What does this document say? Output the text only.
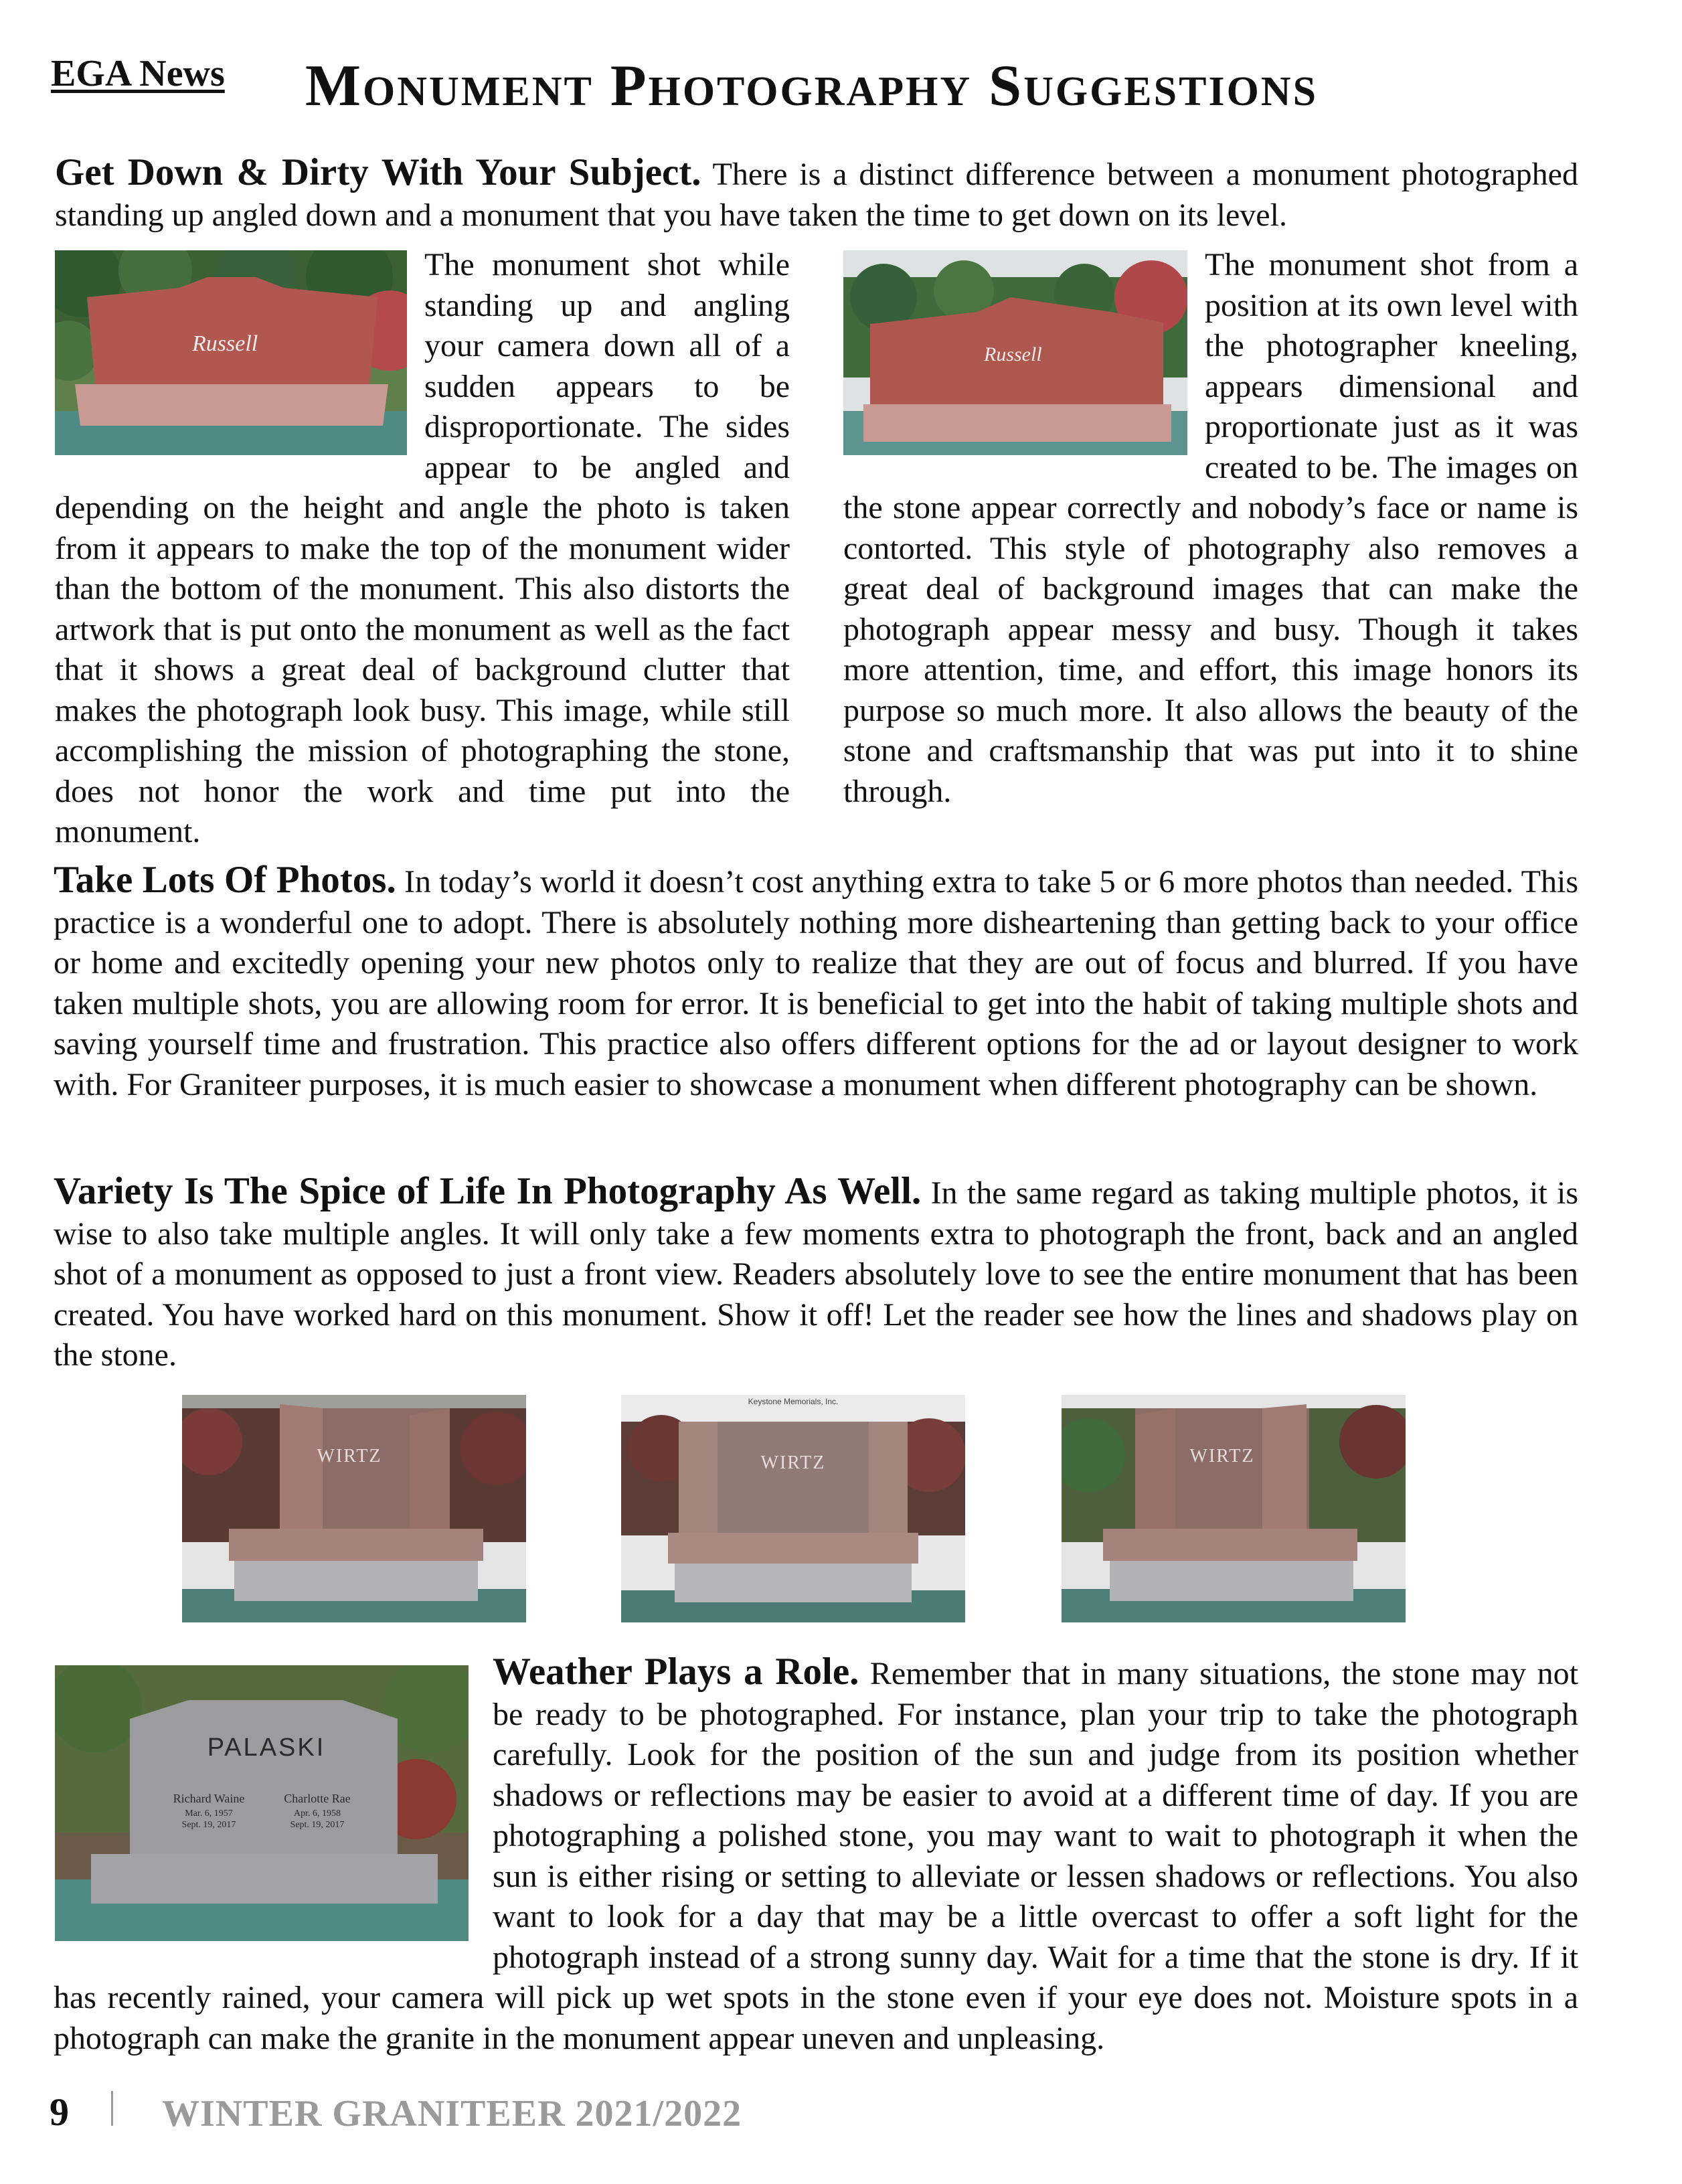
EGA News Monument Photography Suggestions
Get Down & Dirty With Your Subject. There is a distinct difference between a monument photographed standing up angled down and a monument that you have taken the time to get down on its level.
Russell

The monument shot while standing up and angling your camera down all of a sudden appears to be disproportionate. The sides appear to be angled and depending on the height and angle the photo is taken from it appears to make the top of the monument wider than the bottom of the monument. This also distorts the artwork that is put onto the monument as well as the fact that it shows a great deal of background clutter that makes the photograph look busy. This image, while still accomplishing the mission of photographing the stone, does not honor the work and time put into the monument.

Russell

The monument shot from a position at its own level with the photographer kneeling, appears dimensional and proportionate just as it was created to be. The images on the stone appear correctly and nobody’s face or name is contorted. This style of photography also removes a great deal of background images that can make the photograph appear messy and busy. Though it takes more attention, time, and effort, this image honors its purpose so much more. It also allows the beauty of the stone and craftsmanship that was put into it to shine through.

Take Lots Of Photos. In today’s world it doesn’t cost anything extra to take 5 or 6 more photos than needed. This practice is a wonderful one to adopt. There is absolutely nothing more disheartening than getting back to your office or home and excitedly opening your new photos only to realize that they are out of focus and blurred. If you have taken multiple shots, you are allowing room for error. It is beneficial to get into the habit of taking multiple shots and saving yourself time and frustration. This practice also offers different options for the ad or layout designer to work with. For Graniteer purposes, it is much easier to showcase a monument when different photography can be shown.
Variety Is The Spice of Life In Photography As Well. In the same regard as taking multiple photos, it is wise to also take multiple angles. It will only take a few moments extra to photograph the front, back and an angled shot of a monument as opposed to just a front view. Readers absolutely love to see the entire monument that has been created. You have worked hard on this monument. Show it off! Let the reader see how the lines and shadows play on the stone.
WIRTZ
Keystone Memorials, Inc.
WIRTZ	WIRTZ
PALASKI
Richard Waine
Mar. 6, 1957
Sept. 19, 2017
Charlotte Rae
Apr. 6, 1958
Sept. 19, 2017
Weather Plays a Role. Remember that in many situations, the stone may not be ready to be photographed. For instance, plan your trip to take the photograph carefully. Look for the position of the sun and judge from its position whether shadows or reflections may be easier to avoid at a different time of day. If you are photographing a polished stone, you may want to wait to photograph it when the sun is either rising or setting to alleviate or lessen shadows or reflections. You also want to look for a day that may be a little overcast to offer a soft light for the photograph instead of a strong sunny day. Wait for a time that the stone is dry. If it has recently rained, your camera will pick up wet spots in the stone even if your eye does not. Moisture spots in a photograph can make the granite in the monument appear uneven and unpleasing.
9 WINTER GRANITEER 2021/2022
